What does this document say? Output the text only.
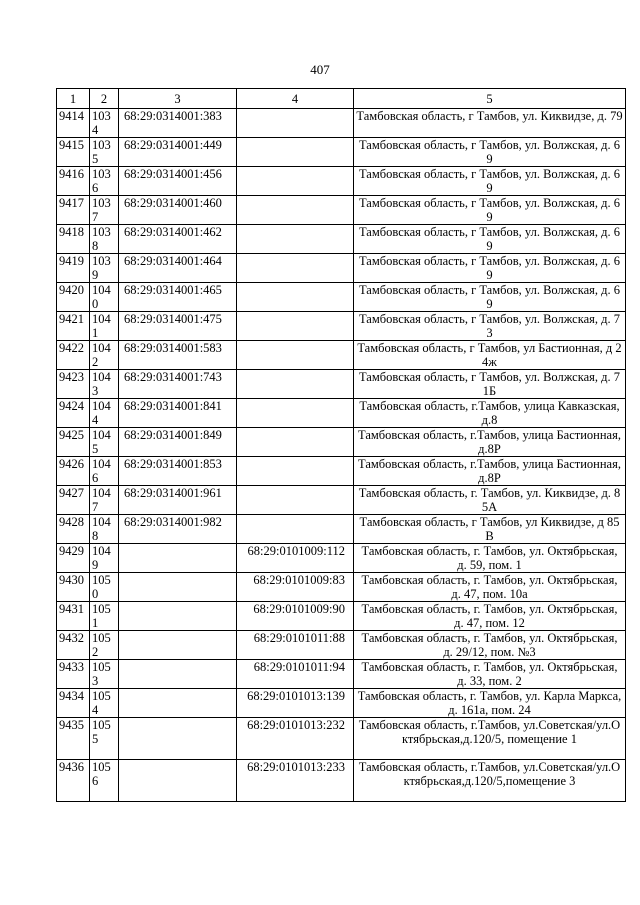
407
1	2	3	4	5
9414	1034	68:29:0314001:383		Тамбовская область, г Тамбов, ул. Киквидзе, д. 79
9415	1035	68:29:0314001:449		Тамбовская область, г Тамбов, ул. Волжская, д. 69
9416	1036	68:29:0314001:456		Тамбовская область, г Тамбов, ул. Волжская, д. 69
9417	1037	68:29:0314001:460		Тамбовская область, г Тамбов, ул. Волжская, д. 69
9418	1038	68:29:0314001:462		Тамбовская область, г Тамбов, ул. Волжская, д. 69
9419	1039	68:29:0314001:464		Тамбовская область, г Тамбов, ул. Волжская, д. 69
9420	1040	68:29:0314001:465		Тамбовская область, г Тамбов, ул. Волжская, д. 69
9421	1041	68:29:0314001:475		Тамбовская область, г Тамбов, ул. Волжская, д. 73
9422	1042	68:29:0314001:583		Тамбовская область, г Тамбов, ул Бастионная, д 24ж
9423	1043	68:29:0314001:743		Тамбовская область, г Тамбов, ул. Волжская, д. 71Б
9424	1044	68:29:0314001:841		Тамбовская область, г.Тамбов, улица Кавказская, д.8
9425	1045	68:29:0314001:849		Тамбовская область, г.Тамбов, улица Бастионная, д.8Р
9426	1046	68:29:0314001:853		Тамбовская область, г.Тамбов, улица Бастионная, д.8Р
9427	1047	68:29:0314001:961		Тамбовская область, г. Тамбов, ул. Киквидзе, д. 85А
9428	1048	68:29:0314001:982		Тамбовская область, г Тамбов, ул Киквидзе, д 85В
9429	1049		68:29:0101009:112	Тамбовская область, г. Тамбов, ул. Октябрьская, д. 59, пом. 1
9430	1050		68:29:0101009:83	Тамбовская область, г. Тамбов, ул. Октябрьская, д. 47, пом. 10а
9431	1051		68:29:0101009:90	Тамбовская область, г. Тамбов, ул. Октябрьская, д. 47, пом. 12
9432	1052		68:29:0101011:88	Тамбовская область, г. Тамбов, ул. Октябрьская, д. 29/12, пом. №3
9433	1053		68:29:0101011:94	Тамбовская область, г. Тамбов, ул. Октябрьская, д. 33, пом. 2
9434	1054		68:29:0101013:139	Тамбовская область, г. Тамбов, ул. Карла Маркса, д. 161а, пом. 24
9435	1055		68:29:0101013:232	Тамбовская область, г.Тамбов, ул.Советская/ул.Октябрьская,д.120/5, помещение 1
9436	1056		68:29:0101013:233	Тамбовская область, г.Тамбов, ул.Советская/ул.Октябрьская,д.120/5,помещение 3
